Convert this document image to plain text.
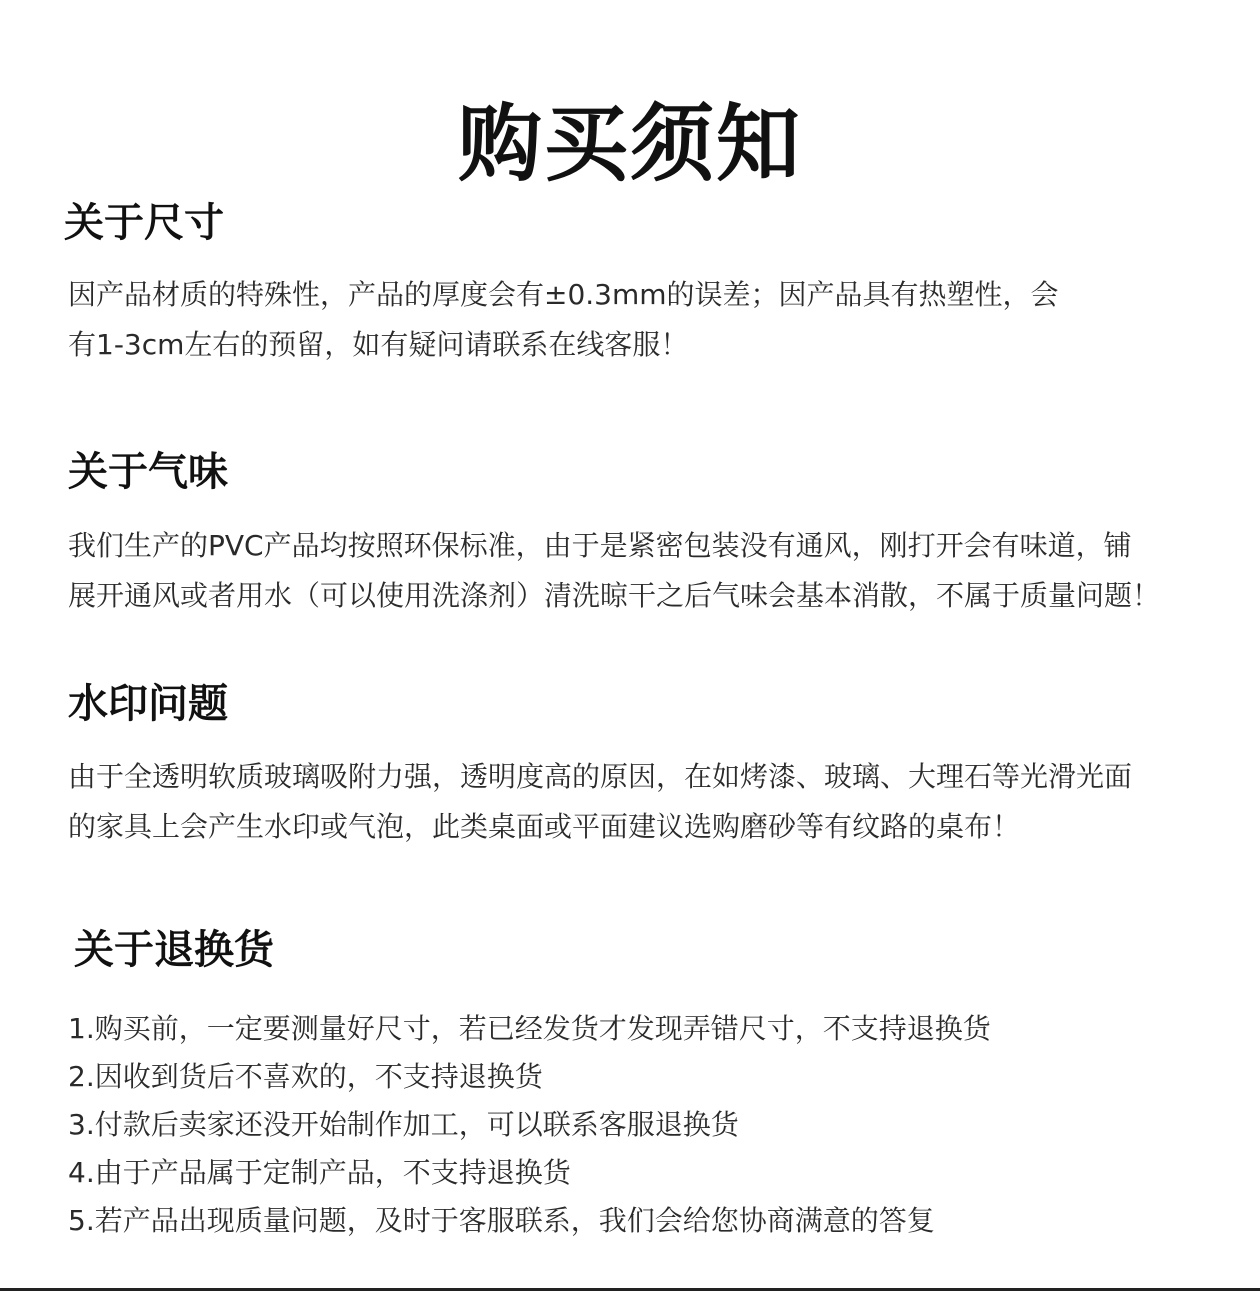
购买须知
关于尺寸
因产品材质的特殊性，产品的厚度会有±0.3mm的误差；因产品具有热塑性，会
有1-3cm左右的预留，如有疑问请联系在线客服！
关于气味
我们生产的PVC产品均按照环保标准，由于是紧密包装没有通风，刚打开会有味道，铺
展开通风或者用水（可以使用洗涤剂）清洗晾干之后气味会基本消散，不属于质量问题！
水印问题
由于全透明软质玻璃吸附力强，透明度高的原因，在如烤漆、玻璃、大理石等光滑光面
的家具上会产生水印或气泡，此类桌面或平面建议选购磨砂等有纹路的桌布！
关于退换货
1.购买前，一定要测量好尺寸，若已经发货才发现弄错尺寸，不支持退换货
2.因收到货后不喜欢的，不支持退换货
3.付款后卖家还没开始制作加工，可以联系客服退换货
4.由于产品属于定制产品，不支持退换货
5.若产品出现质量问题，及时于客服联系，我们会给您协商满意的答复
